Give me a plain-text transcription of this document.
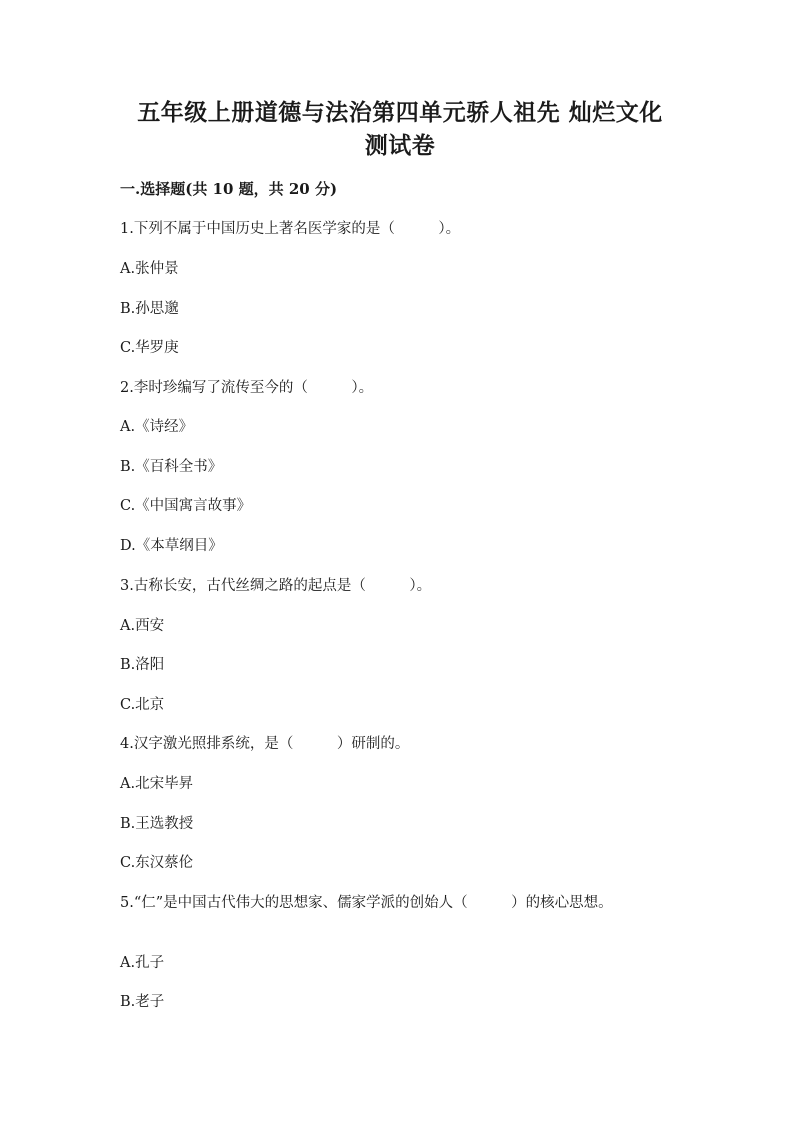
五年级上册道德与法治第四单元骄人祖先 灿烂文化
测试卷
一.选择题(共 10 题，共 20 分)
1.下列不属于中国历史上著名医学家的是（　　　）。
A.张仲景
B.孙思邈
C.华罗庚
2.李时珍编写了流传至今的（　　　）。
A.《诗经》
B.《百科全书》
C.《中国寓言故事》
D.《本草纲目》
3.古称长安，古代丝绸之路的起点是（　　　）。
A.西安
B.洛阳
C.北京
4.汉字激光照排系统，是（　　　）研制的。
A.北宋毕昇
B.王选教授
C.东汉蔡伦
5.“仁”是中国古代伟大的思想家、儒家学派的创始人（　　　）的核心思想。
A.孔子
B.老子
